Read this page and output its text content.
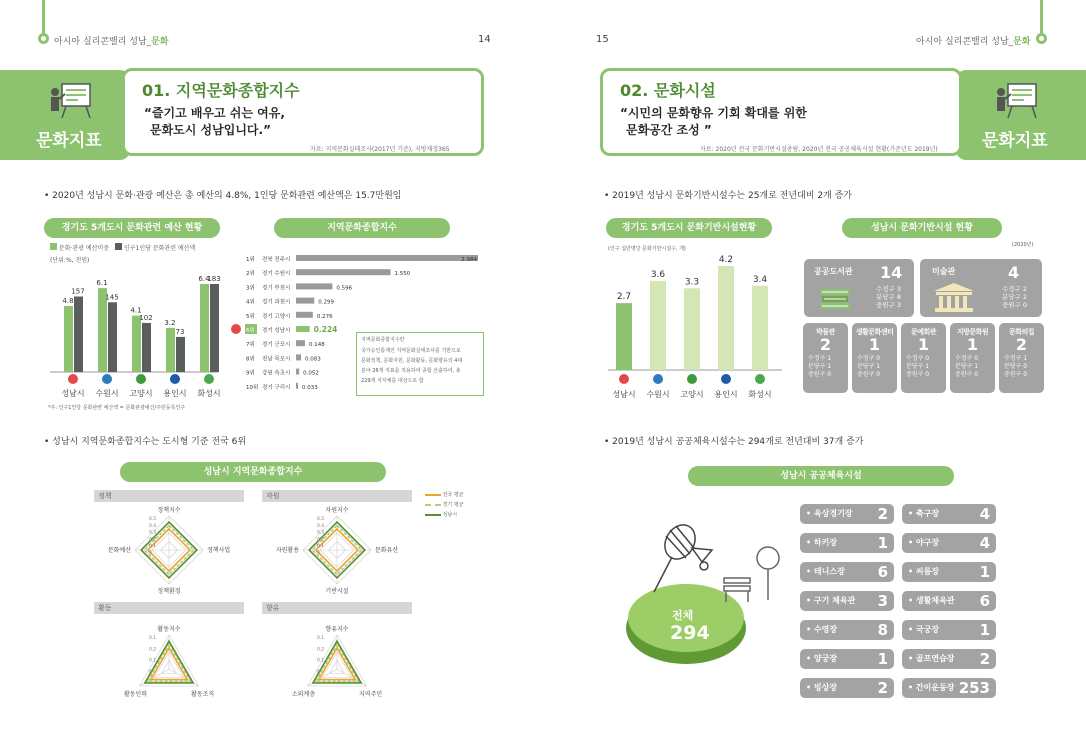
아시아 실리콘밸리 성남_문화	14
문화지표
01. 지역문화종합지수
“즐기고 배우고 쉬는 여유,
문화도시 성남입니다.”
자료: 지역문화실태조사(2017년 기준), 지방재정365
• 2020년 성남시 문화·관광 예산은 총 예산의 4.8%, 1인당 문화관련 예산액은 15.7만원임
경기도 5개도시 문화관련 예산 현황
문화·관광 예산비중 인구1인당 문화관련 예산액
(단위:%, 천원)
4.8
157
성남시
6.1
145
수원시
4.1
102
고양시
3.2
73
용인시
6.4
183
화성시
*주: 인구1인당 문화관련 예산액 = 문화관광예산/주민등록인구
지역문화종합지수
1위 전북 전주시	2.984
2위 경기 수원시	1.550
3위 경기 부천시	0.596
4위 경기 과천시	0.299
5위 경기 고양시	0.276
6위 경기 성남시	0.224
7위 경기 군포시	0.148
8위 전남 목포시	0.083
9위 강원 속초시 0.052
10위 경기 구리시 0.033
지역문화종합지수란
국가승인통계인 지역문화실태조사를 기반으로
문화정책, 문화자원, 문화활동, 문화향유의 4대
분야 28개 지표를 적용하여 종합 산출하여, 총
229개 지자체를 대상으로 함
• 성남시 지역문화종합지수는 도시형 기준 전국 6위
성남시 지역문화종합지수
정책
0.5
0.4
0.3
0.2
0.1
0
정책지수
정책사업
문화예산
정책환경
자원
0.5
0.4
0.3
0.2
0.1
0
자원지수
문화유산
자원활용
기반시설
활동
0.1
0.2
0.1
0
활동지수
활동조직
활동인력
향유
0.1
0.2
0.1
0
향유지수
지역주민
소외계층
전국 평균
경기 평균
성남시
아시아 실리콘밸리 성남_문화
15
문화지표
02. 문화시설
“시민의 문화향유 기회 확대를 위한
문화공간 조성 ”
자료: 2020년 전국 문화기반시설총람, 2020년 전국 공공체육시설 현황(기준년도 2019년)
• 2019년 성남시 문화기반시설수는 25개로 전년대비 2개 증가
경기도 5개도시 문화기반시설현황
(인구 십만명당 문화기반시설수, 개)
2.7
성남시
3.6
수원시
3.3
고양시
4.2
용인시
3.4
화성시
성남시 문화기반시설 현황
(2020년)
공공도서관 14
수정구 3
분당구 8
중원구 3
미술관	4
수정구 2
분당구 2
중원구 0
박물관
2
수정구 1
분당구 1
중원구 0
생활문화센터
1
수정구 0
분당구 1
중원구 0
문예회관
1
수정구 0
분당구 1
중원구 0
지방문화원
1
수정구 0
분당구 1
중원구 0
문화의집
2
수정구 1
분당구 0
중원구 0
• 2019년 성남시 공공체육시설수는 294개로 전년대비 37개 증가
성남시 공공체육시설
전체
294
• 육상경기장	2	• 축구장	4
• 하키장	1	• 야구장	4
• 테니스장	6	• 씨름장	1
• 구기 체육관	3	• 생활체육관	6
• 수영장	8	• 국궁장	1
• 양궁장	1	• 골프연습장	2
• 빙상장	2	• 간이운동장 253
